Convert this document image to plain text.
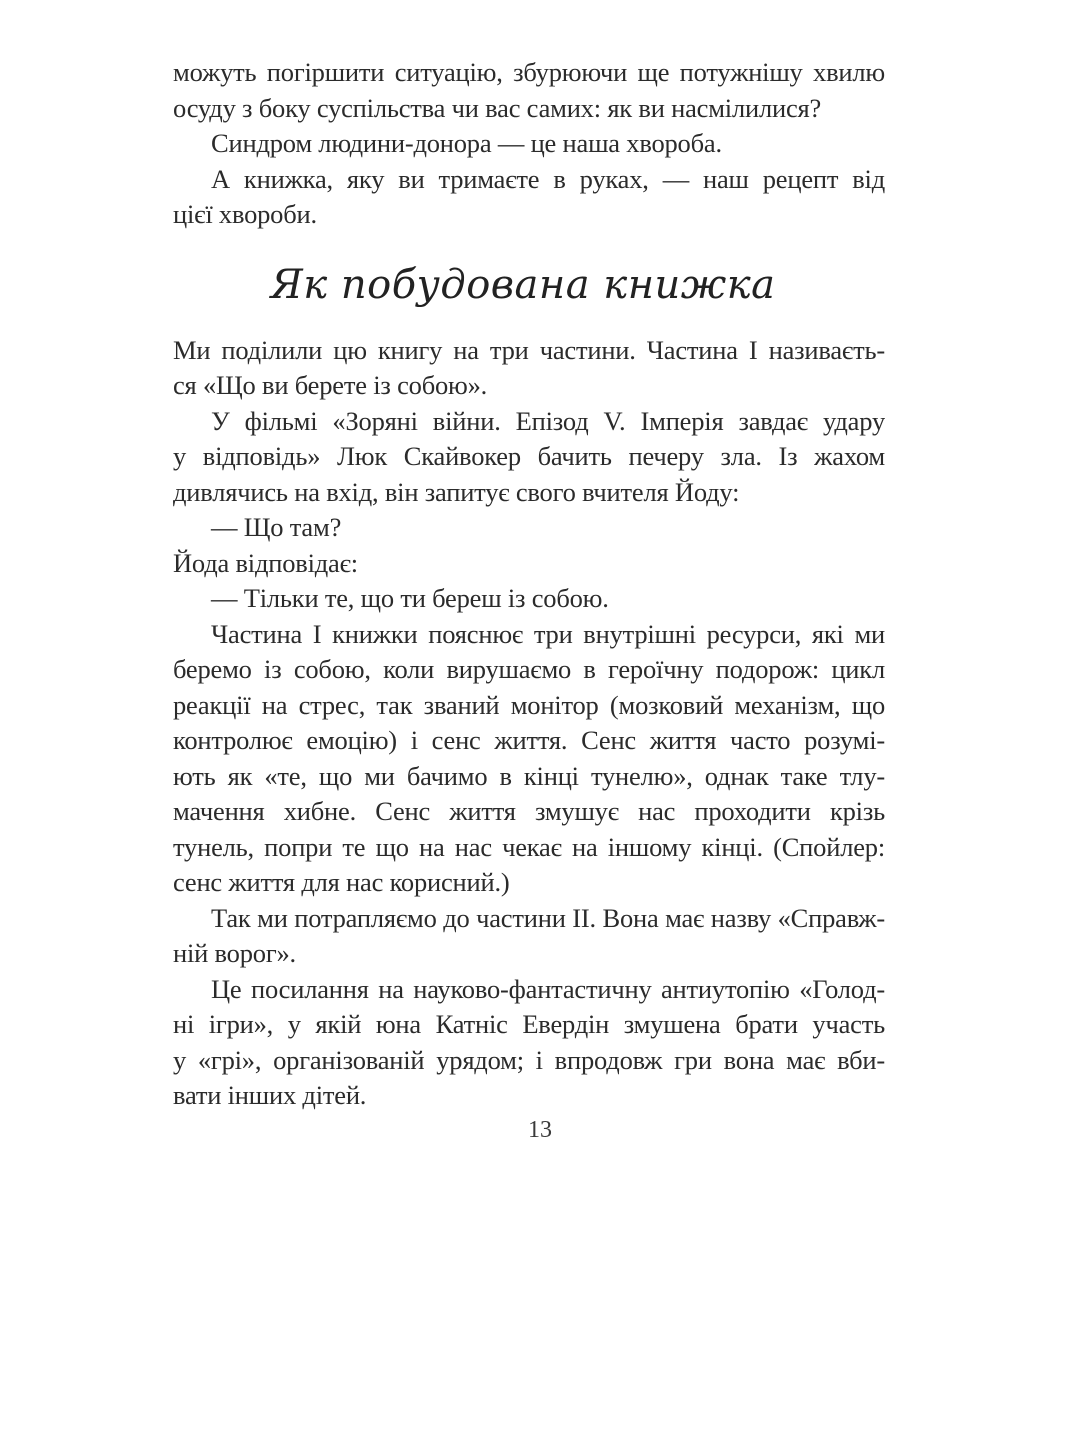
можуть погіршити ситуацію, збурюючи ще потужнішу хвилю
осуду з боку суспільства чи вас самих: як ви насмілилися?
Синдром людини-донора — це наша хвороба.
А книжка, яку ви тримаєте в руках, — наш рецепт від
цієї хвороби.
Як побудована книжка
Ми поділили цю книгу на три частини. Частина І називаєть-
ся «Що ви берете із собою».
У фільмі «Зоряні війни. Епізод V. Імперія завдає удару
у відповідь» Люк Скайвокер бачить печеру зла. Із жахом
дивлячись на вхід, він запитує свого вчителя Йоду:
— Що там?
Йода відповідає:
— Тільки те, що ти береш із собою.
Частина І книжки пояснює три внутрішні ресурси, які ми
беремо із собою, коли вирушаємо в героїчну подорож: цикл
реакції на стрес, так званий монітор (мозковий механізм, що
контролює емоцію) і сенс життя. Сенс життя часто розумі-
ють як «те, що ми бачимо в кінці тунелю», однак таке тлу-
мачення хибне. Сенс життя змушує нас проходити крізь
тунель, попри те що на нас чекає на іншому кінці. (Спойлер:
сенс життя для нас корисний.)
Так ми потрапляємо до частини ІІ. Вона має назву «Справж-
ній ворог».
Це посилання на науково-фантастичну антиутопію «Голод-
ні ігри», у якій юна Катніс Евердін змушена брати участь
у «грі», організованій урядом; і впродовж гри вона має вби-
вати інших дітей.
13
